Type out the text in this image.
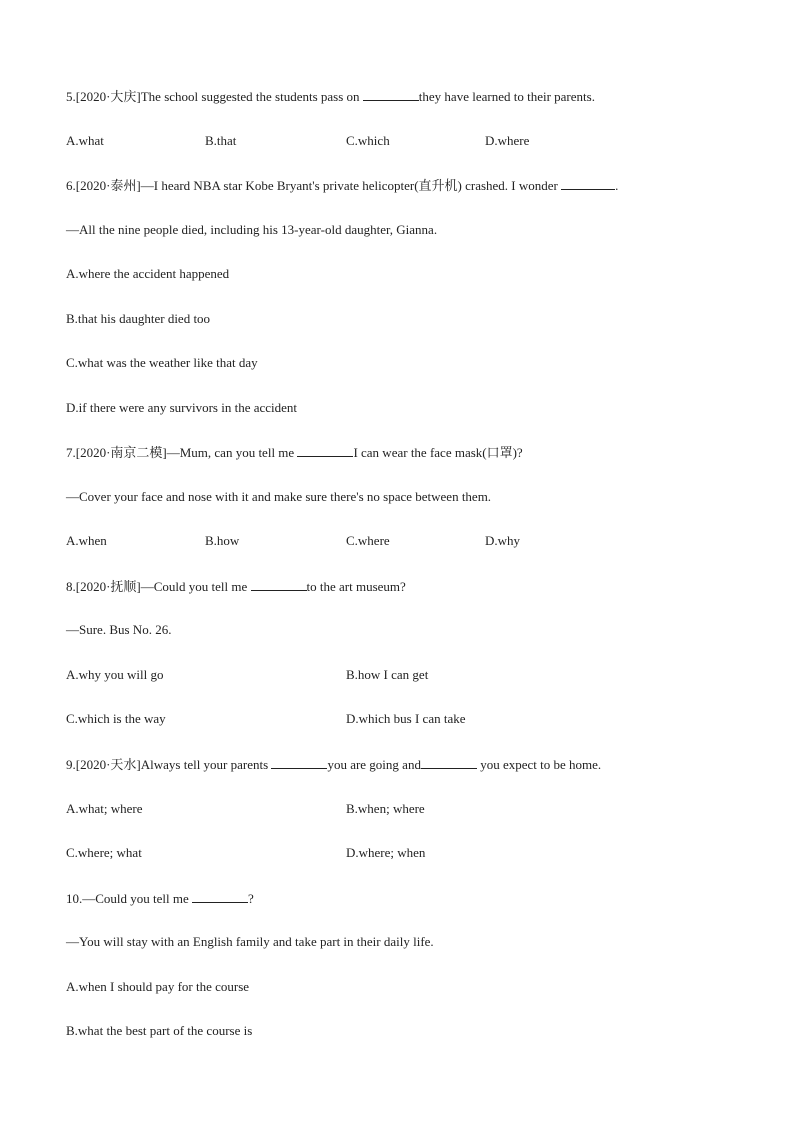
5.[2020·大庆]The school suggested the students pass on	they have learned to their parents.
A.what	B.that	C.which	D.where
6.[2020·泰州]—I heard NBA star Kobe Bryant's private helicopter(直升机) crashed. I wonder	.
—All the nine people died, including his 13-year-old daughter, Gianna.
A.where the accident happened
B.that his daughter died too
C.what was the weather like that day
D.if there were any survivors in the accident
7.[2020·南京二模]—Mum, can you tell me	I can wear the face mask(口罩)?
—Cover your face and nose with it and make sure there's no space between them.
A.when	B.how	C.where	D.why
8.[2020·抚顺]—Could you tell me	to the art museum?
—Sure. Bus No. 26.
A.why you will go	B.how I can get
C.which is the way	D.which bus I can take
9.[2020·天水]Always tell your parents	you are going and	you expect to be home.
A.what; where	B.when; where
C.where; what	D.where; when
10.—Could you tell me	?
—You will stay with an English family and take part in their daily life.
A.when I should pay for the course
B.what the best part of the course is
